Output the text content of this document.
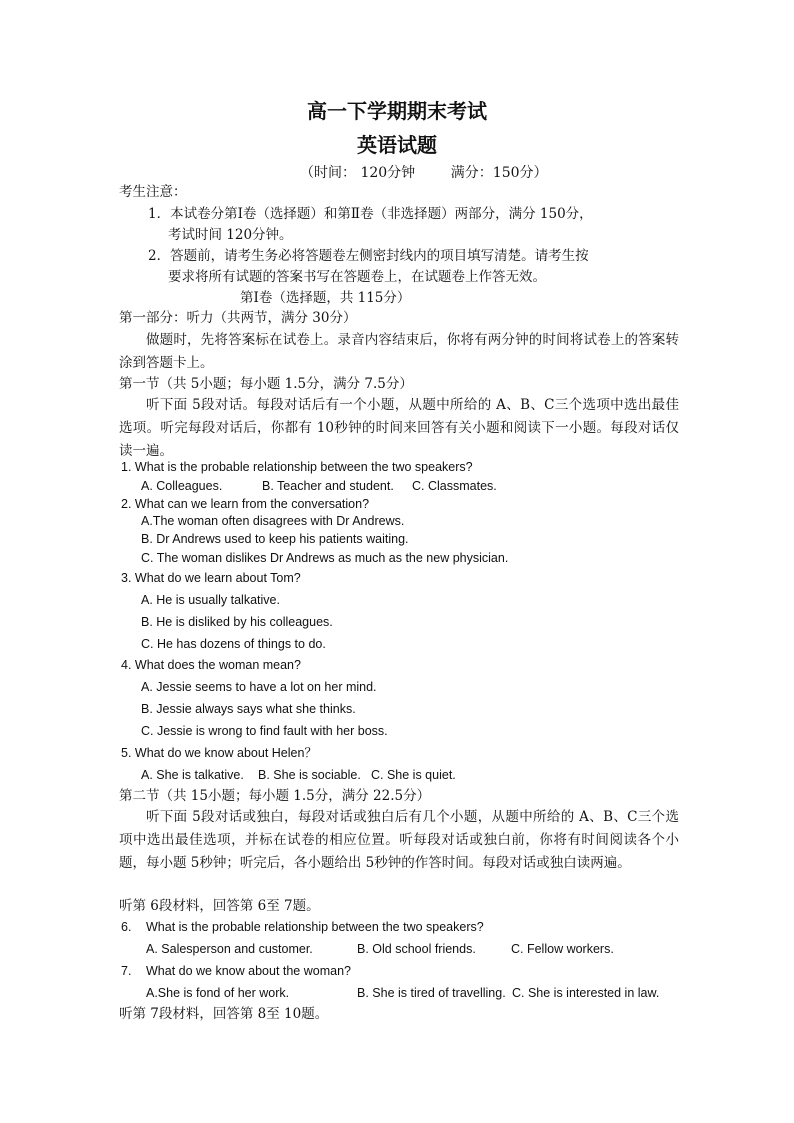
高一下学期期末考试
英语试题
（时间： 120分钟	满分：150分）
考生注意：
1．本试卷分第Ⅰ卷（选择题）和第Ⅱ卷（非选择题）两部分，满分 150分，
考试时间 120分钟。
2．答题前，请考生务必将答题卷左侧密封线内的项目填写清楚。请考生按
要求将所有试题的答案书写在答题卷上，在试题卷上作答无效。
第Ⅰ卷（选择题，共 115分）
第一部分：听力（共两节，满分 30分）
做题时，先将答案标在试卷上。录音内容结束后，你将有两分钟的时间将试卷上的答案转涂到答题卡上。
第一节（共 5小题；每小题 1.5分，满分 7.5分）
听下面 5段对话。每段对话后有一个小题，从题中所给的 A、B、C三个选项中选出最佳选项。听完每段对话后，你都有 10秒钟的时间来回答有关小题和阅读下一小题。每段对话仅读一遍。
1. What is the probable relationship between the two speakers?
A. Colleagues.	B. Teacher and student. C. Classmates.
2. What can we learn from the conversation?
A.The woman often disagrees with Dr Andrews.
B. Dr Andrews used to keep his patients waiting.
C. The woman dislikes Dr Andrews as much as the new physician.
3. What do we learn about Tom?
A. He is usually talkative.
B. He is disliked by his colleagues.
C. He has dozens of things to do.
4. What does the woman mean?
A. Jessie seems to have a lot on her mind.
B. Jessie always says what she thinks.
C. Jessie is wrong to find fault with her boss.
5. What do we know about Helen？
A. She is talkative. B. She is sociable. C. She is quiet.
第二节（共 15小题；每小题 1.5分，满分 22.5分）
听下面 5段对话或独白，每段对话或独白后有几个小题，从题中所给的 A、B、C三个选项中选出最佳选项，并标在试卷的相应位置。听每段对话或独白前，你将有时间阅读各个小题，每小题 5秒钟；听完后，各小题给出 5秒钟的作答时间。每段对话或独白读两遍。
听第 6段材料，回答第 6至 7题。
6. What is the probable relationship between the two speakers?
A. Salesperson and customer.	B. Old school friends.	C. Fellow workers.
7. What do we know about the woman?
A.She is fond of her work.	B. She is tired of travelling. C. She is interested in law.
听第 7段材料，回答第 8至 10题。
